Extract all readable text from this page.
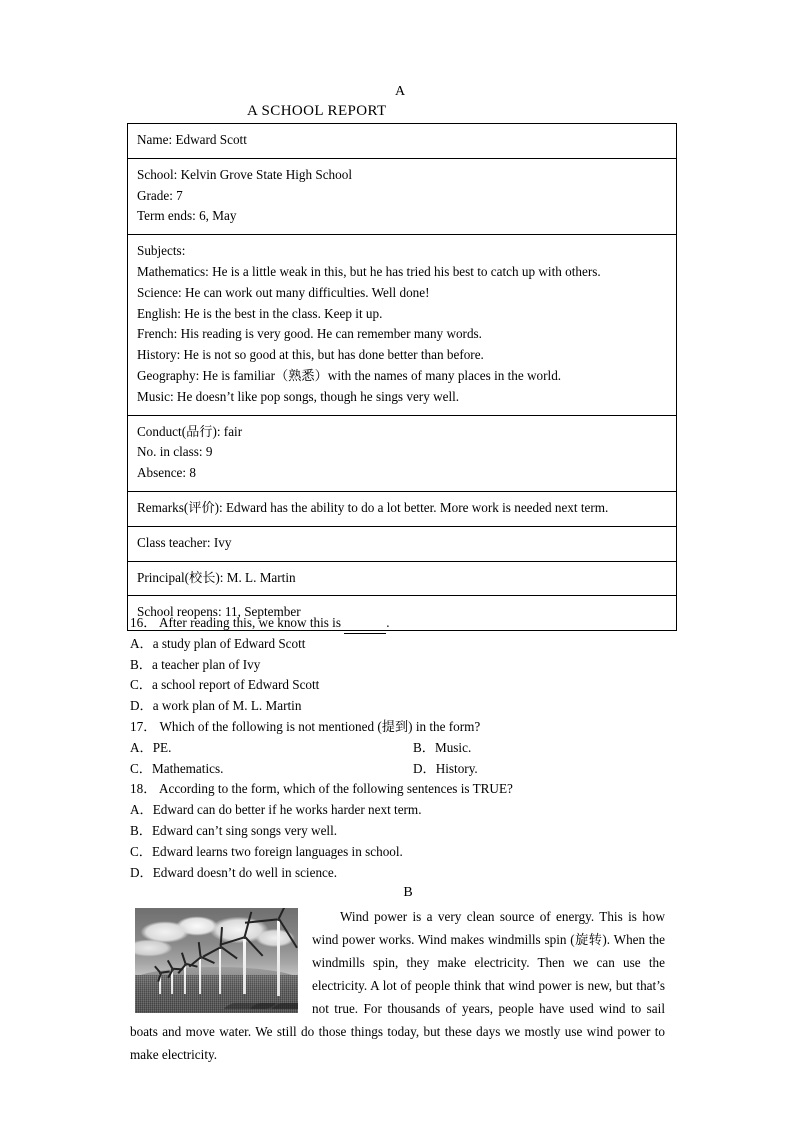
A
A SCHOOL REPORT
Name: Edward Scott
School: Kelvin Grove State High School
Grade: 7
Term ends: 6, May
Subjects:
Mathematics: He is a little weak in this, but he has tried his best to catch up with others.
Science: He can work out many difficulties. Well done!
English: He is the best in the class. Keep it up.
French: His reading is very good. He can remember many words.
History: He is not so good at this, but has done better than before.
Geography: He is familiar（熟悉）with the names of many places in the world.
Music: He doesn’t like pop songs, though he sings very well.
Conduct(品行): fair
No. in class: 9
Absence: 8
Remarks(评价): Edward has the ability to do a lot better. More work is needed next term.
Class teacher: Ivy
Principal(校长): M. L. Martin
School reopens: 11, September
16． After reading this, we know this is	.
A．a study plan of Edward Scott
B．a teacher plan of Ivy
C．a school report of Edward Scott
D．a work plan of M. L. Martin
17． Which of the following is not mentioned (提到) in the form?
A．PE.	B．Music.
C．Mathematics.	D．History.
18． According to the form, which of the following sentences is TRUE?
A．Edward can do better if he works harder next term.
B．Edward can’t sing songs very well.
C．Edward learns two foreign languages in school.
D．Edward doesn’t do well in science.
B

Wind power is a very clean source of energy. This is how wind power works. Wind makes windmills spin (旋转). When the windmills spin, they make electricity. Then we can use the electricity. A lot of people think that wind power is new, but that’s not true. For thousands of years, people have used wind to sail boats and move water. We still do those things today, but these days we mostly use wind power to make electricity.
